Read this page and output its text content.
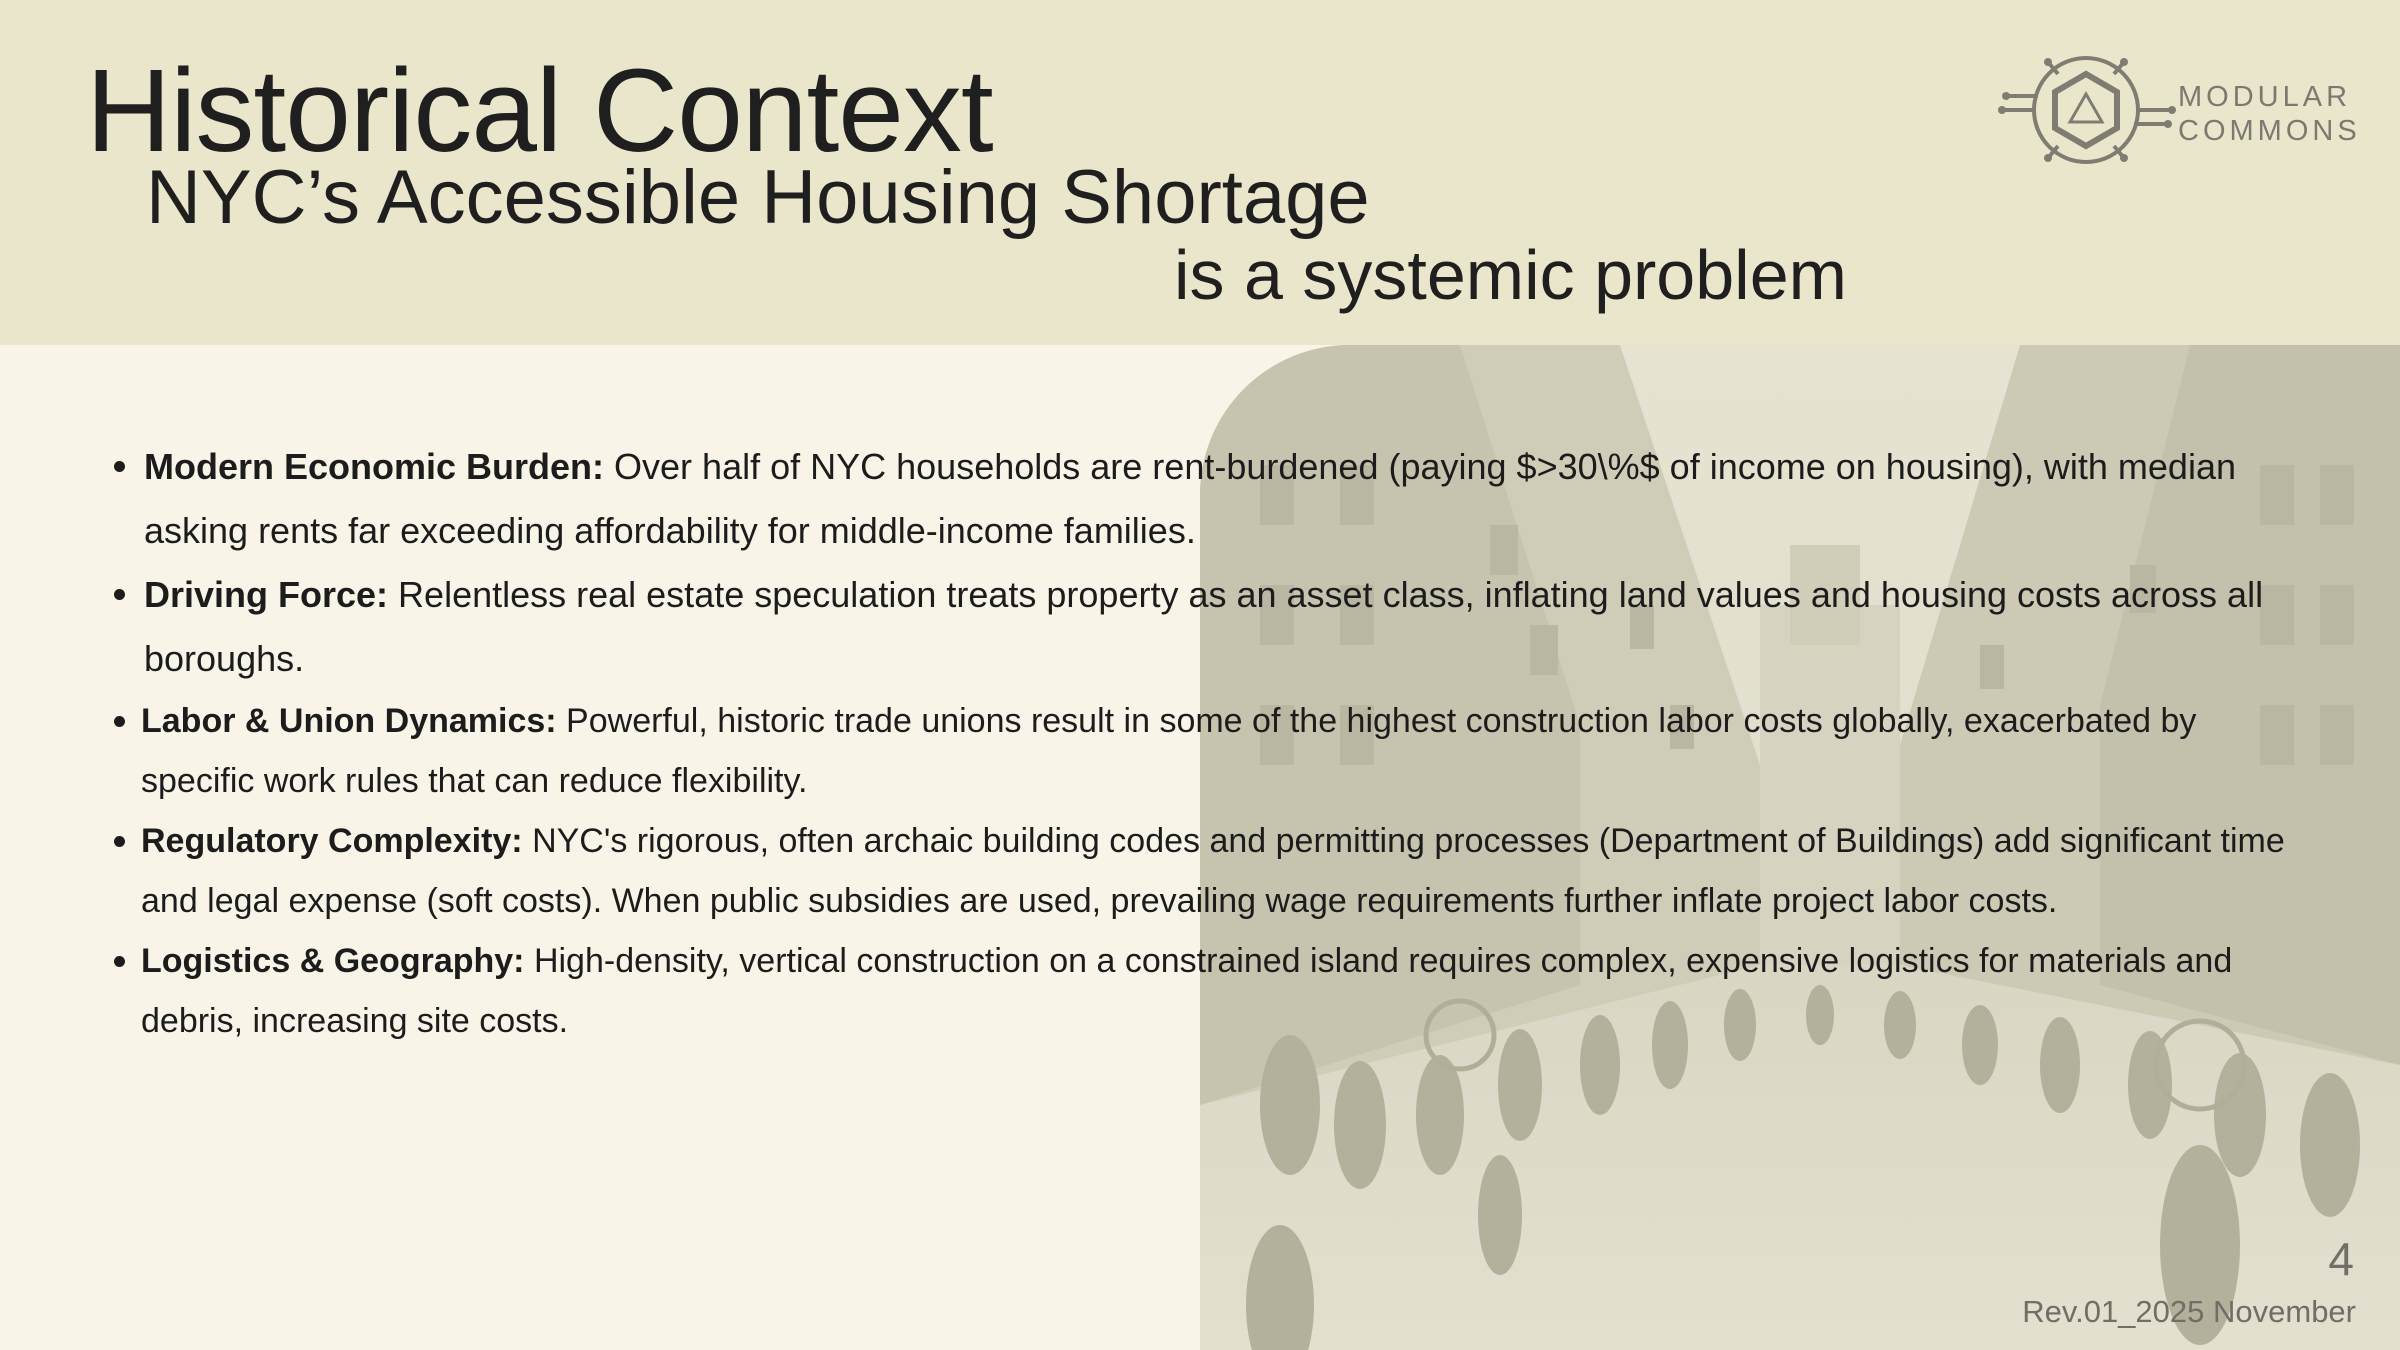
Historical Context
NYC’s Accessible Housing Shortage
is a systemic problem
MODULAR
COMMONS
Modern Economic Burden: Over half of NYC households are rent-burdened (paying $>30\%$ of income on housing), with median asking rents far exceeding affordability for middle-income families.
Driving Force: Relentless real estate speculation treats property as an asset class, inflating land values and housing costs across all boroughs.
Labor & Union Dynamics: Powerful, historic trade unions result in some of the highest construction labor costs globally, exacerbated by specific work rules that can reduce flexibility.
Regulatory Complexity: NYC's rigorous, often archaic building codes and permitting processes (Department of Buildings) add significant time and legal expense (soft costs). When public subsidies are used, prevailing wage requirements further inflate project labor costs.
Logistics & Geography: High-density, vertical construction on a constrained island requires complex, expensive logistics for materials and debris, increasing site costs.
4
Rev.01_2025 November
